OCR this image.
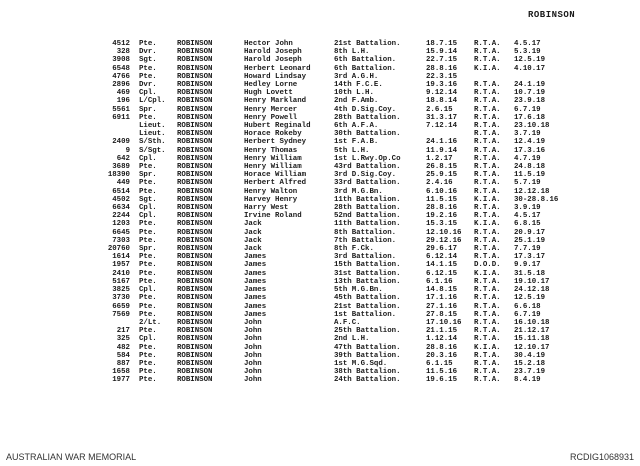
ROBINSON
4512	Pte.	ROBINSON	Hector John	21st Battalion.	18.7.15	R.T.A.	4.5.17
328	Dvr.	ROBINSON	Harold Joseph	8th L.H.	15.9.14	R.T.A.	5.3.19
3908	Sgt.	ROBINSON	Harold Joseph	6th Battalion.	22.7.15	R.T.A.	12.5.19
6548	Pte.	ROBINSON	Herbert Leonard	6th Battalion.	28.8.16	K.I.A.	4.10.17
4766	Pte.	ROBINSON	Howard Lindsay	3rd A.G.H.	22.3.15		
2896	Dvr.	ROBINSON	Hedley Lorne	14th F.C.E.	19.3.16	R.T.A.	24.1.19
469	Cpl.	ROBINSON	Hugh Lovett	10th L.H.	9.12.14	R.T.A.	10.7.19
196	L/Cpl.	ROBINSON	Henry Markland	2nd F.Amb.	18.8.14	R.T.A.	23.9.18
5561	Spr.	ROBINSON	Henry Mercer	4th D.Sig.Coy.	2.6.15	R.T.A.	6.7.19
6911	Pte.	ROBINSON	Henry Powell	28th Battalion.	31.3.17	R.T.A.	17.6.18
	Lieut.	ROBINSON	Hubert Reginald	6th A.F.A.	7.12.14	R.T.A.	23.10.18
	Lieut.	ROBINSON	Horace Rokeby	30th Battalion.		R.T.A.	3.7.19
2409	S/Sth.	ROBINSON	Herbert Sydney	1st F.A.B.	24.1.16	R.T.A.	12.4.19
9	S/Sgt.	ROBINSON	Henry Thomas	5th L.H.	11.9.14	R.T.A.	17.3.16
642	Cpl.	ROBINSON	Henry William	1st L.Rwy.Op.Co	1.2.17	R.T.A.	4.7.19
3689	Pte.	ROBINSON	Henry William	43rd Battalion.	26.8.15	R.T.A.	24.8.18
18390	Spr.	ROBINSON	Horace William	3rd D.Sig.Coy.	25.9.15	R.T.A.	11.5.19
449	Pte.	ROBINSON	Herbert Alfred	33rd Battalion.	2.4.16	R.T.A.	5.7.19
6514	Pte.	ROBINSON	Henry Walton	3rd M.G.Bn.	6.10.16	R.T.A.	12.12.18
4502	Sgt.	ROBINSON	Harvey Henry	11th Battalion.	11.5.15	K.I.A.	30-28.8.16
6634	Cpl.	ROBINSON	Harry West	28th Battalion.	28.8.16	R.T.A.	3.9.19
2244	Cpl.	ROBINSON	Irvine Roland	52nd Battalion.	19.2.16	R.T.A.	4.5.17
1203	Pte.	ROBINSON	Jack	11th Battalion.	15.3.15	K.I.A.	6.8.15
6645	Pte.	ROBINSON	Jack	8th Battalion.	12.10.16	R.T.A.	20.9.17
7303	Pte.	ROBINSON	Jack	7th Battalion.	29.12.16	R.T.A.	25.1.19
20760	Spr.	ROBINSON	Jack	8th F.Ck.	29.6.17	R.T.A.	7.7.19
1614	Pte.	ROBINSON	James	3rd Battalion.	6.12.14	R.T.A.	17.3.17
1957	Pte.	ROBINSON	James	15th Battalion.	14.1.15	D.O.D.	9.9.17
2410	Pte.	ROBINSON	James	31st Battalion.	6.12.15	K.I.A.	31.5.18
5167	Pte.	ROBINSON	James	13th Battalion.	6.1.16	R.T.A.	19.10.17
3825	Cpl.	ROBINSON	James	5th M.G.Bn.	14.8.15	R.T.A.	24.12.18
3730	Pte.	ROBINSON	James	45th Battalion.	17.1.16	R.T.A.	12.5.19
6659	Pte.	ROBINSON	James	21st Battalion.	27.1.16	R.T.A.	6.6.18
7569	Pte.	ROBINSON	James	1st Battalion.	27.8.15	R.T.A.	6.7.19
	2/Lt.	ROBINSON	John	A.F.C.	17.10.16	R.T.A.	16.10.18
217	Pte.	ROBINSON	John	25th Battalion.	21.1.15	R.T.A.	21.12.17
325	Cpl.	ROBINSON	John	2nd L.H.	1.12.14	R.T.A.	15.11.18
482	Pte.	ROBINSON	John	47th Battalion.	28.8.16	K.I.A.	12.10.17
584	Pte.	ROBINSON	John	39th Battalion.	20.3.16	R.T.A.	30.4.19
887	Pte.	ROBINSON	John	1st M.G.Sqd.	6.1.15	R.T.A.	15.2.18
1658	Pte.	ROBINSON	John	38th Battalion.	11.5.16	R.T.A.	23.7.19
1977	Pte.	ROBINSON	John	24th Battalion.	19.6.15	R.T.A.	8.4.19
AUSTRALIAN WAR MEMORIAL	RCDIG1068931
